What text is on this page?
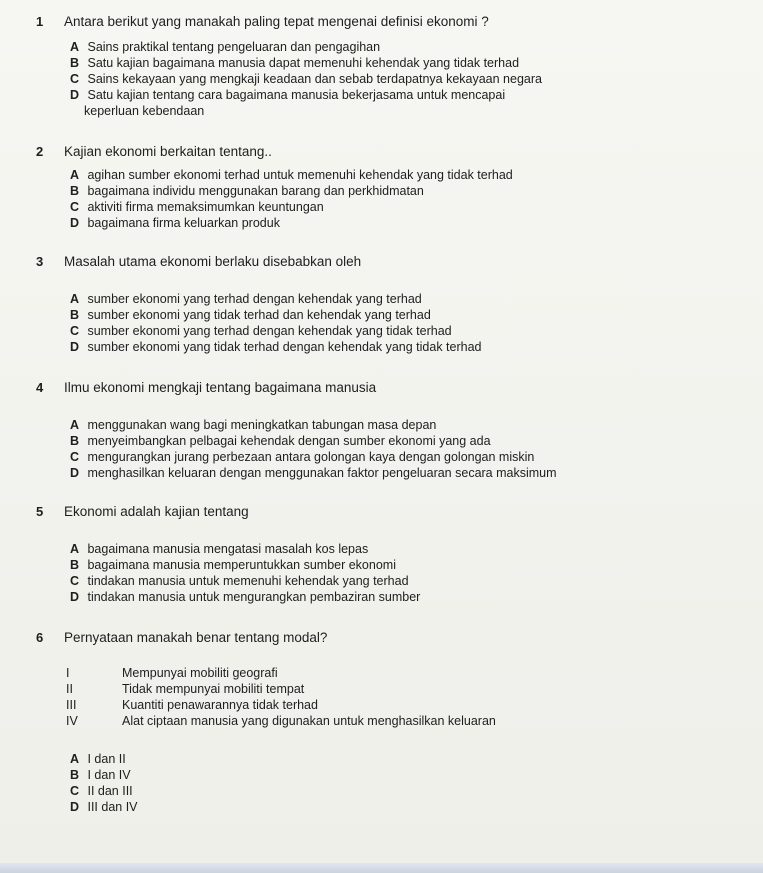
1 Antara berikut yang manakah paling tepat mengenai definisi ekonomi ?
A Sains praktikal tentang pengeluaran dan pengagihan
B Satu kajian bagaimana manusia dapat memenuhi kehendak yang tidak terhad
C Sains kekayaan yang mengkaji keadaan dan sebab terdapatnya kekayaan negara
D Satu kajian tentang cara bagaimana manusia bekerjasama untuk mencapai
keperluan kebendaan
2 Kajian ekonomi berkaitan tentang..
A agihan sumber ekonomi terhad untuk memenuhi kehendak yang tidak terhad
B bagaimana individu menggunakan barang dan perkhidmatan
C aktiviti firma memaksimumkan keuntungan
D bagaimana firma keluarkan produk
3 Masalah utama ekonomi berlaku disebabkan oleh
A sumber ekonomi yang terhad dengan kehendak yang terhad
B sumber ekonomi yang tidak terhad dan kehendak yang terhad
C sumber ekonomi yang terhad dengan kehendak yang tidak terhad
D sumber ekonomi yang tidak terhad dengan kehendak yang tidak terhad
4 Ilmu ekonomi mengkaji tentang bagaimana manusia
A menggunakan wang bagi meningkatkan tabungan masa depan
B menyeimbangkan pelbagai kehendak dengan sumber ekonomi yang ada
C mengurangkan jurang perbezaan antara golongan kaya dengan golongan miskin
D menghasilkan keluaran dengan menggunakan faktor pengeluaran secara maksimum
5 Ekonomi adalah kajian tentang
A bagaimana manusia mengatasi masalah kos lepas
B bagaimana manusia memperuntukkan sumber ekonomi
C tindakan manusia untuk memenuhi kehendak yang terhad
D tindakan manusia untuk mengurangkan pembaziran sumber
6 Pernyataan manakah benar tentang modal?
I	Mempunyai mobiliti geografi
II	Tidak mempunyai mobiliti tempat
III	Kuantiti penawarannya tidak terhad
IV	Alat ciptaan manusia yang digunakan untuk menghasilkan keluaran
A I dan II
B I dan IV
C II dan III
D III dan IV
